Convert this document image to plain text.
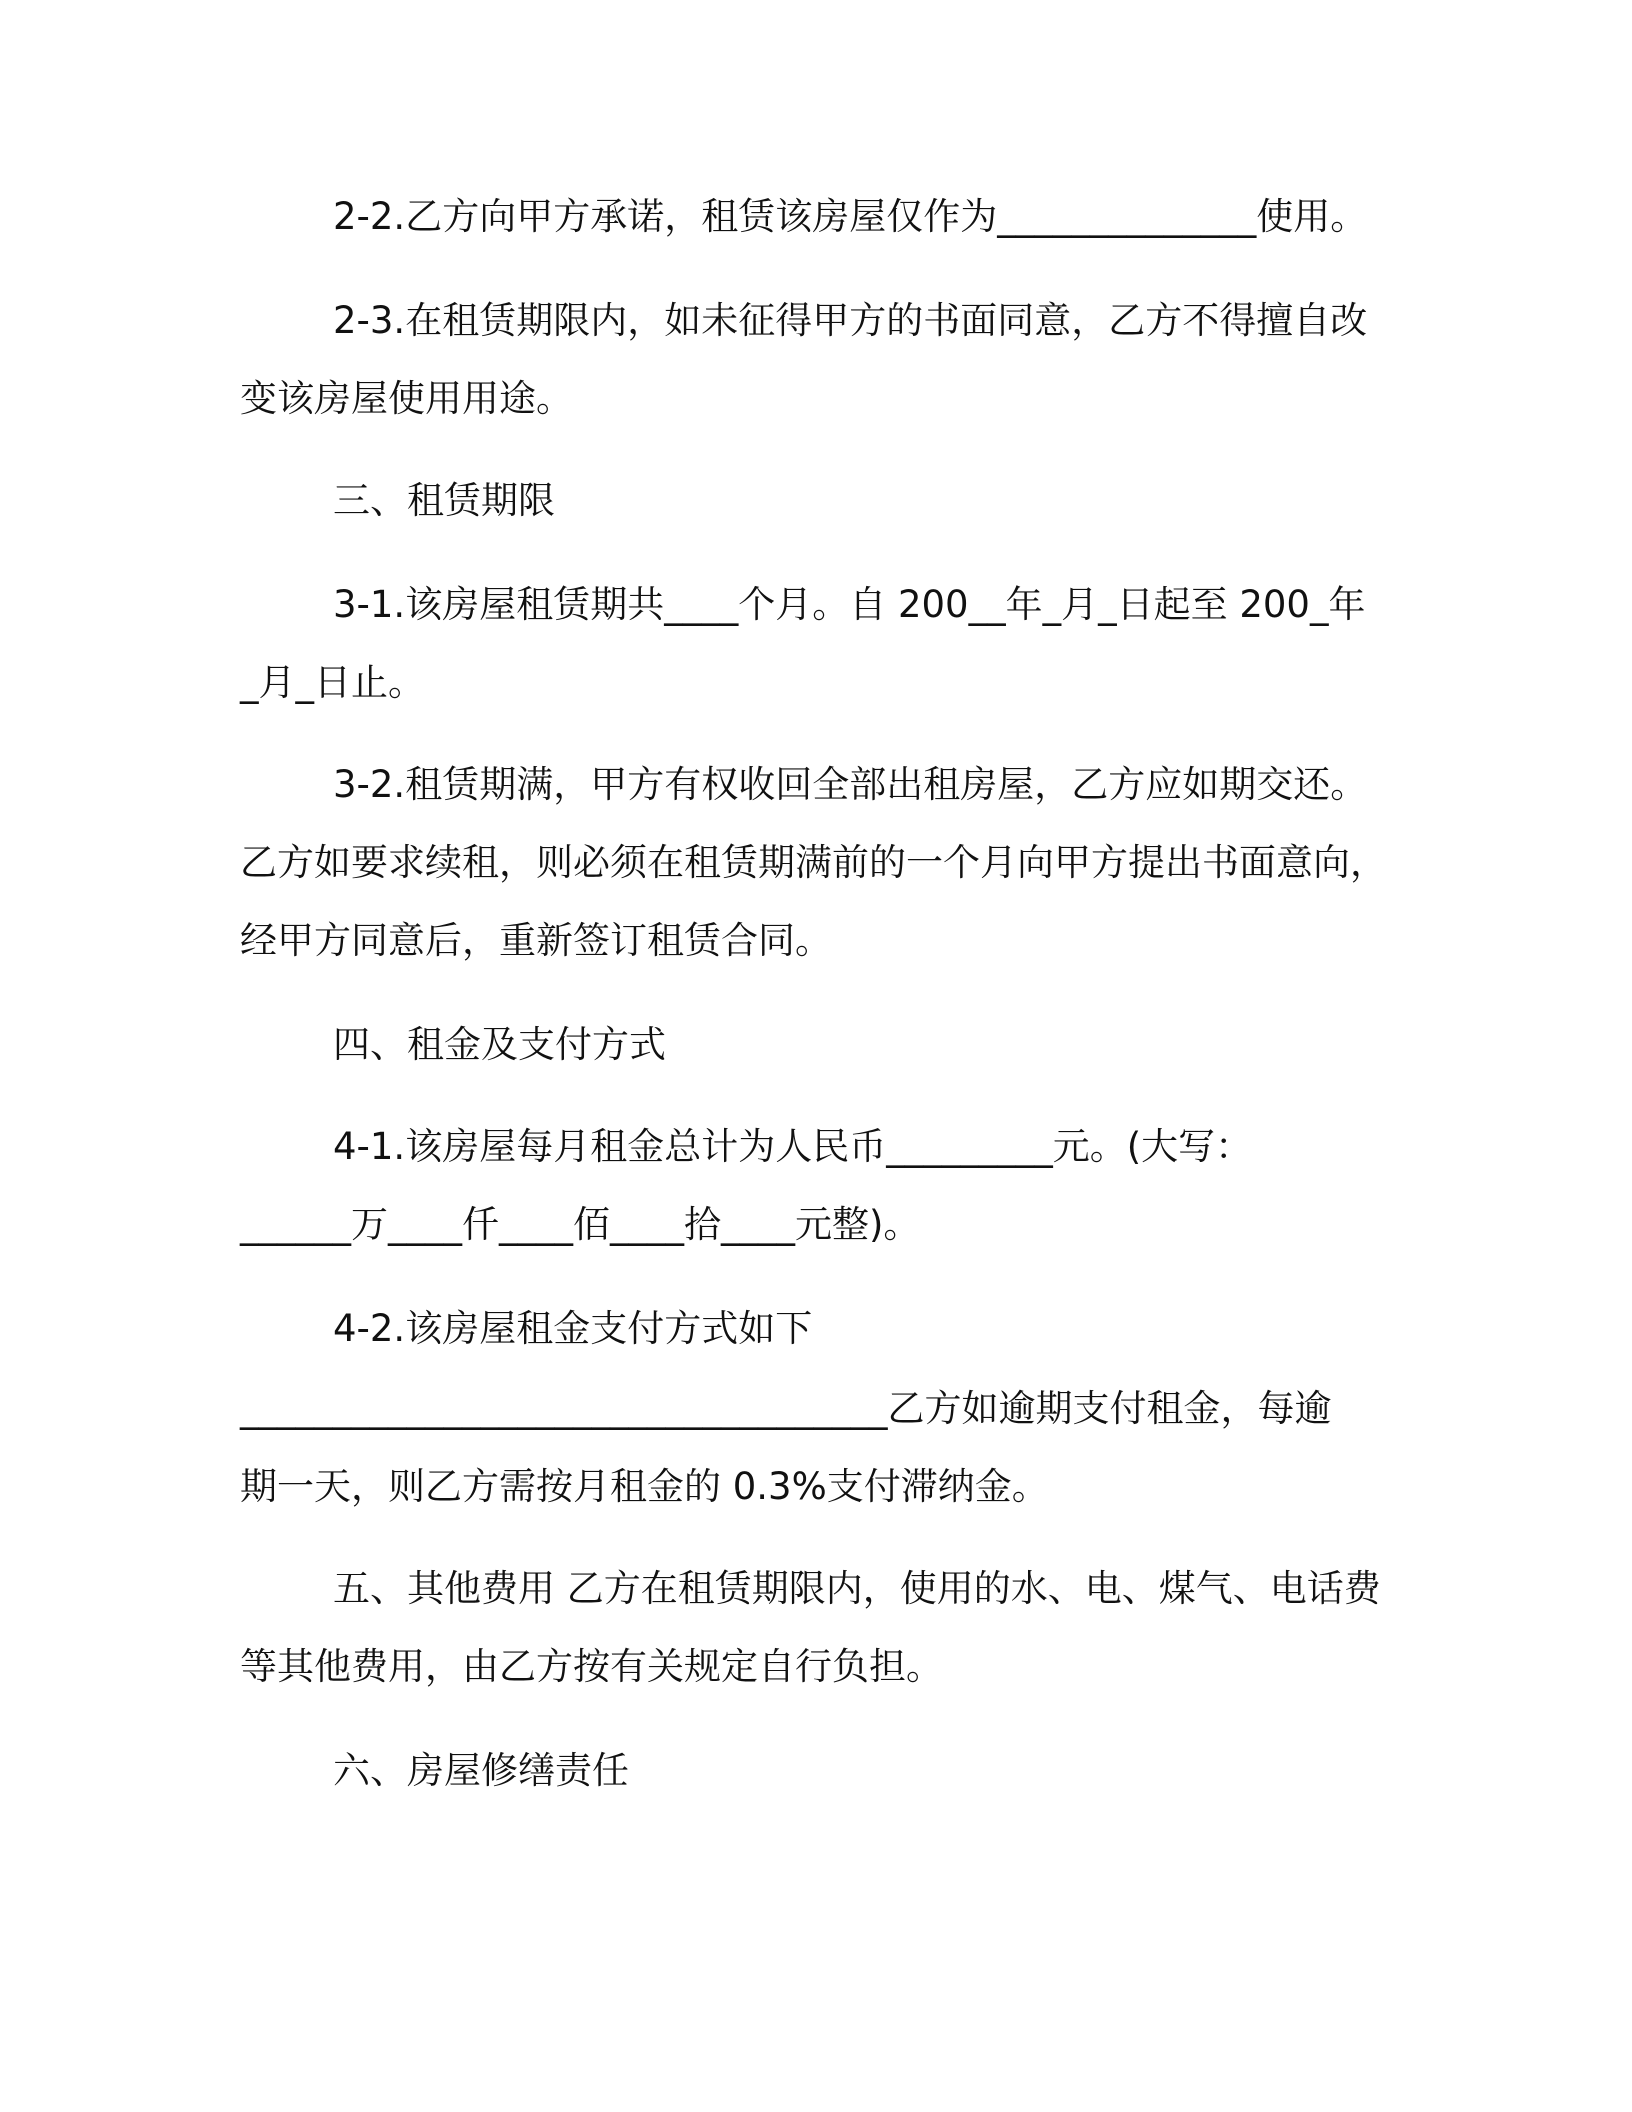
2-2.乙方向甲方承诺，租赁该房屋仅作为______________使用。
2-3.在租赁期限内，如未征得甲方的书面同意，乙方不得擅自改
变该房屋使用用途。
三、租赁期限
3-1.该房屋租赁期共____个月。自 200__年_月_日起至 200_年
_月_日止。
3-2.租赁期满，甲方有权收回全部出租房屋，乙方应如期交还。
乙方如要求续租，则必须在租赁期满前的一个月向甲方提出书面意向，
经甲方同意后，重新签订租赁合同。
四、租金及支付方式
4-1.该房屋每月租金总计为人民币_________元。(大写：
______万____仟____佰____拾____元整)。
4-2.该房屋租金支付方式如下
___________________________________乙方如逾期支付租金，每逾
期一天，则乙方需按月租金的 0.3%支付滞纳金。
五、其他费用 乙方在租赁期限内，使用的水、电、煤气、电话费
等其他费用，由乙方按有关规定自行负担。
六、房屋修缮责任
